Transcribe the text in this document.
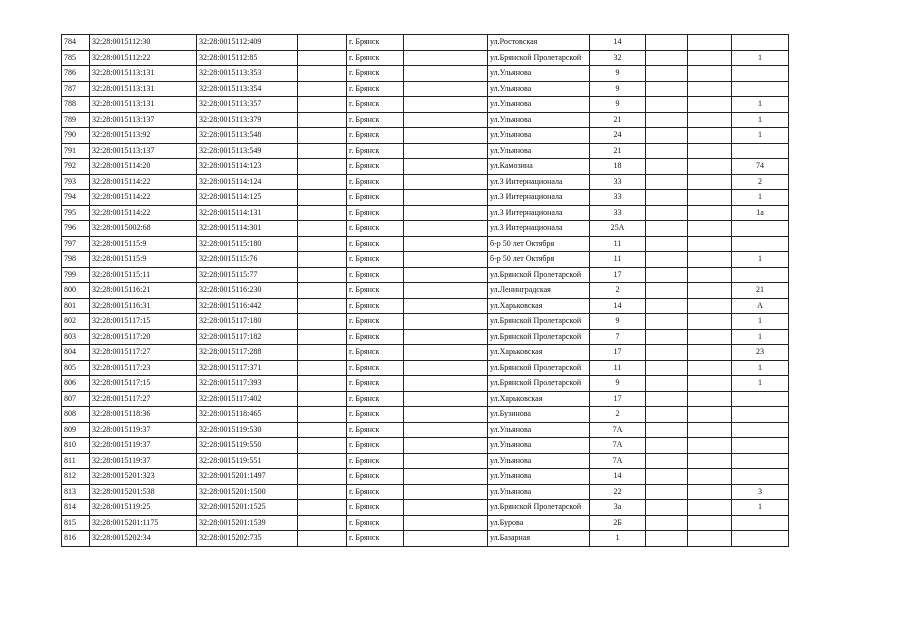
784	32:28:0015112:30	32:28:0015112:409		г. Брянск		ул.Ростовская	14			
785	32:28:0015112:22	32:28:0015112:85		г. Брянск		ул.Брянской Пролетарской	32			1
786	32:28:0015113:131	32:28:0015113:353		г. Брянск		ул.Ульянова	9			
787	32:28:0015113:131	32:28:0015113:354		г. Брянск		ул.Ульянова	9			
788	32:28:0015113:131	32:28:0015113:357		г. Брянск		ул.Ульянова	9			1
789	32:28:0015113:137	32:28:0015113:379		г. Брянск		ул.Ульянова	21			1
790	32:28:0015113:92	32:28:0015113:548		г. Брянск		ул.Ульянова	24			1
791	32:28:0015113:137	32:28:0015113:549		г. Брянск		ул.Ульянова	21			
792	32:28:0015114:20	32:28:0015114:123		г. Брянск		ул.Камозина	18			74
793	32:28:0015114:22	32:28:0015114:124		г. Брянск		ул.3 Интернационала	33			2
794	32:28:0015114:22	32:28:0015114:125		г. Брянск		ул.3 Интернационала	33			1
795	32:28:0015114:22	32:28:0015114:131		г. Брянск		ул.3 Интернационала	33			1а
796	32:28:0015002:68	32:28:0015114:301		г. Брянск		ул.3 Интернационала	25А			
797	32:28:0015115:9	32:28:0015115:180		г. Брянск		б-р 50 лет Октября	11			
798	32:28:0015115:9	32:28:0015115:76		г. Брянск		б-р 50 лет Октября	11			1
799	32:28:0015115:11	32:28:0015115:77		г. Брянск		ул.Брянской Пролетарской	17			
800	32:28:0015116:21	32:28:0015116:230		г. Брянск		ул.Ленинградская	2			21
801	32:28:0015116:31	32:28:0015116:442		г. Брянск		ул.Харьковская	14			А
802	32:28:0015117:15	32:28:0015117:180		г. Брянск		ул.Брянской Пролетарской	9			1
803	32:28:0015117:20	32:28:0015117:182		г. Брянск		ул.Брянской Пролетарской	7			1
804	32:28:0015117:27	32:28:0015117:288		г. Брянск		ул.Харьковская	17			23
805	32:28:0015117:23	32:28:0015117:371		г. Брянск		ул.Брянской Пролетарской	11			1
806	32:28:0015117:15	32:28:0015117:393		г. Брянск		ул.Брянской Пролетарской	9			1
807	32:28:0015117:27	32:28:0015117:402		г. Брянск		ул.Харьковская	17			
808	32:28:0015118:36	32:28:0015118:465		г. Брянск		ул.Бузинова	2			
809	32:28:0015119:37	32:28:0015119:530		г. Брянск		ул.Ульянова	7А			
810	32:28:0015119:37	32:28:0015119:550		г. Брянск		ул.Ульянова	7А			
811	32:28:0015119:37	32:28:0015119:551		г. Брянск		ул.Ульянова	7А			
812	32:28:0015201:323	32:28:0015201:1497		г. Брянск		ул.Ульянова	14			
813	32:28:0015201:538	32:28:0015201:1500		г. Брянск		ул.Ульянова	22			3
814	32:28:0015119:25	32:28:0015201:1525		г. Брянск		ул.Брянской Пролетарской	3а			1
815	32:28:0015201:1175	32:28:0015201:1539		г. Брянск		ул.Бурова	2Б			
816	32:28:0015202:34	32:28:0015202:735		г. Брянск		ул.Базарная	1			
